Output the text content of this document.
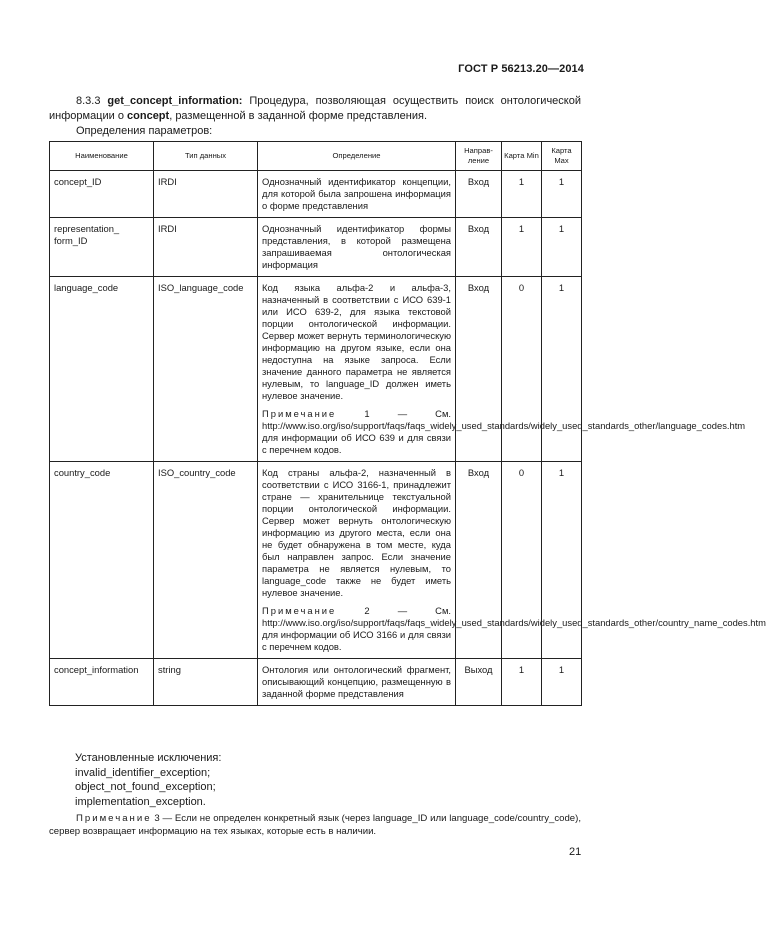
ГОСТ Р 56213.20—2014

8.3.3 get_concept_information: Процедура, позволяющая осуществить поиск онтологической информации о concept, размещенной в заданной форме представления.

Определения параметров:

Наименование	Тип данных	Определение	Направ-ление	Карта Min	Карта Max
concept_ID	IRDI	Однозначный идентификатор концепции, для которой была запрошена информация о форме представления	Вход	1	1
representation_ form_ID	IRDI	Однозначный идентификатор формы представления, в которой размещена запрашиваемая онтологическая информация	Вход	1	1
language_code	ISO_language_code	Код языка альфа-2 и альфа-3, назначенный в соответствии с ИСО 639-1 или ИСО 639-2, для языка текстовой порции онтологической информации. Сервер может вернуть терминологическую информацию на другом языке, если она недоступна на языке запроса. Если значение данного параметра не является нулевым, то language_ID должен иметь нулевое значение.

Примечание 1 — См. http://www.iso.org/iso/support/faqs/faqs_widely_used_standards/widely_used_standards_other/language_codes.htm для информации об ИСО 639 и для связи с перечнем кодов.	Вход	0	1
country_code	ISO_country_code	Код страны альфа-2, назначенный в соответствии с ИСО 3166-1, принадлежит стране — хранительнице текстуальной порции онтологической информации. Сервер может вернуть онтологическую информацию из другого места, если она не будет обнаружена в том месте, куда был направлен запрос. Если значение параметра не является нулевым, то language_code также не будет иметь нулевое значение.

Примечание 2 — См. http://www.iso.org/iso/support/faqs/faqs_widely_used_standards/widely_used_standards_other/country_name_codes.htm для информации об ИСО 3166 и для связи с перечнем кодов.	Вход	0	1
concept_information	string	Онтология или онтологический фрагмент, описывающий концепцию, размещенную в заданной форме представления	Выход	1	1
Установленные исключения:
invalid_identifier_exception;
object_not_found_exception;
implementation_exception.

Примечание 3 — Если не определен конкретный язык (через language_ID или language_code/country_code), сервер возвращает информацию на тех языках, которые есть в наличии.

21
